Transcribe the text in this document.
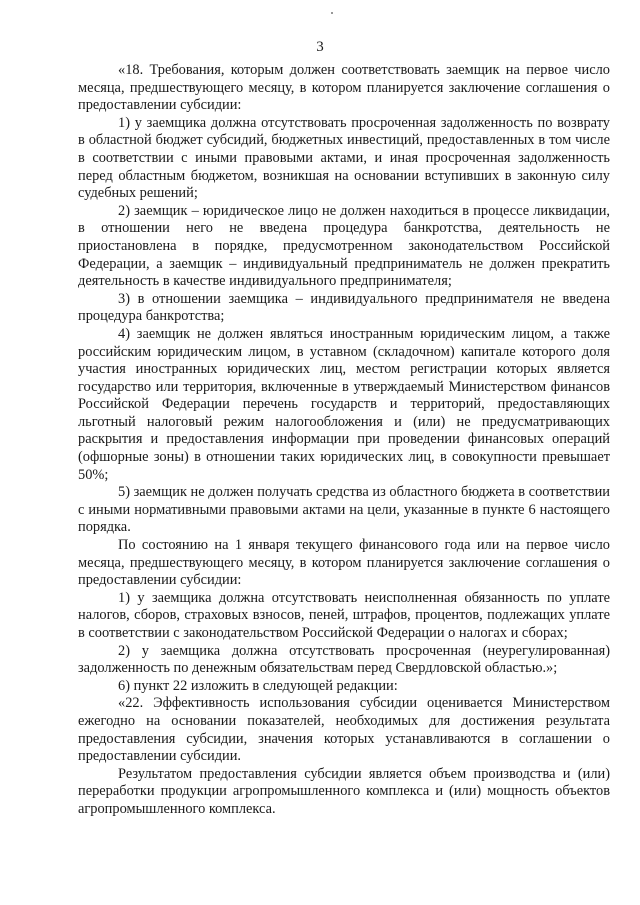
3

«18. Требования, которым должен соответствовать заемщик на первое число месяца, предшествующего месяцу, в котором планируется заключение соглашения о предоставлении субсидии:

1) у заемщика должна отсутствовать просроченная задолженность по возврату в областной бюджет субсидий, бюджетных инвестиций, предоставленных в том числе в соответствии с иными правовыми актами, и иная просроченная задолженность перед областным бюджетом, возникшая на основании вступивших в законную силу судебных решений;

2) заемщик – юридическое лицо не должен находиться в процессе ликвидации, в отношении него не введена процедура банкротства, деятельность не приостановлена в порядке, предусмотренном законодательством Российской Федерации, а заемщик – индивидуальный предприниматель не должен прекратить деятельность в качестве индивидуального предпринимателя;

3) в отношении заемщика – индивидуального предпринимателя не введена процедура банкротства;

4) заемщик не должен являться иностранным юридическим лицом, а также российским юридическим лицом, в уставном (складочном) капитале которого доля участия иностранных юридических лиц, местом регистрации которых является государство или территория, включенные в утверждаемый Министерством финансов Российской Федерации перечень государств и территорий, предоставляющих льготный налоговый режим налогообложения и (или) не предусматривающих раскрытия и предоставления информации при проведении финансовых операций (офшорные зоны) в отношении таких юридических лиц, в совокупности превышает 50%;

5) заемщик не должен получать средства из областного бюджета в соответствии с иными нормативными правовыми актами на цели, указанные в пункте 6 настоящего порядка.

По состоянию на 1 января текущего финансового года или на первое число месяца, предшествующего месяцу, в котором планируется заключение соглашения о предоставлении субсидии:

1) у заемщика должна отсутствовать неисполненная обязанность по уплате налогов, сборов, страховых взносов, пеней, штрафов, процентов, подлежащих уплате в соответствии с законодательством Российской Федерации о налогах и сборах;

2) у заемщика должна отсутствовать просроченная (неурегулированная) задолженность по денежным обязательствам перед Свердловской областью.»;

6) пункт 22 изложить в следующей редакции:

«22. Эффективность использования субсидии оценивается Министерством ежегодно на основании показателей, необходимых для достижения результата предоставления субсидии, значения которых устанавливаются в соглашении о предоставлении субсидии.

Результатом предоставления субсидии является объем производства и (или) переработки продукции агропромышленного комплекса и (или) мощность объектов агропромышленного комплекса.
